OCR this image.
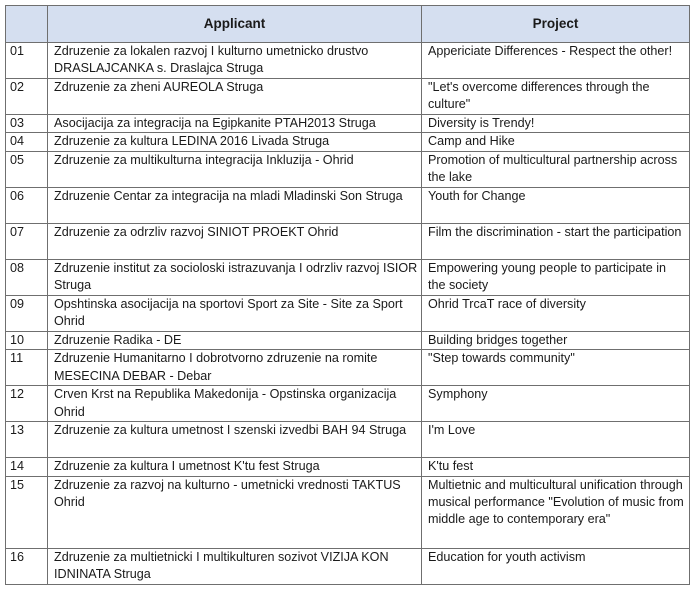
	Applicant	Project
01	Zdruzenie za lokalen razvoj I kulturno umetnicko drustvo DRASLAJCANKA s. Draslajca Struga	Appericiate Differences - Respect the other!
02	Zdruzenie za zheni AUREOLA Struga	"Let's overcome differences through the culture"
03	Asocijacija za integracija na Egipkanite PTAH2013 Struga	Diversity is Trendy!
04	Zdruzenie za kultura LEDINA 2016 Livada Struga	Camp and Hike
05	Zdruzenie za multikulturna integracija Inkluzija - Ohrid	Promotion of multicultural partnership across the lake
06	Zdruzenie Centar za integracija na mladi Mladinski Son Struga	Youth for Change
07	Zdruzenie za odrzliv razvoj SINIOT PROEKT Ohrid	Film the discrimination - start the participation
08	Zdruzenie institut za socioloski istrazuvanja I odrzliv razvoj ISIOR Struga	Empowering young people to participate in the society
09	Opshtinska asocijacija na sportovi Sport za Site - Site za Sport Ohrid	Ohrid TrcaT race of diversity
10	Zdruzenie Radika - DE	Building bridges together
11	Zdruzenie Humanitarno I dobrotvorno zdruzenie na romite MESECINA DEBAR - Debar	"Step towards community"
12	Crven Krst na Republika Makedonija - Opstinska organizacija Ohrid	Symphony
13	Zdruzenie za kultura umetnost I szenski izvedbi BAH 94 Struga	I'm Love
14	Zdruzenie za kultura I umetnost K'tu fest Struga	K'tu fest
15	Zdruzenie za razvoj na kulturno - umetnicki vrednosti TAKTUS Ohrid	Multietnic and multicultural unification through musical performance "Evolution of music from middle age to contemporary era"
16	Zdruzenie za multietnicki I multikulturen sozivot VIZIJA KON IDNINATA Struga	Education for youth activism
